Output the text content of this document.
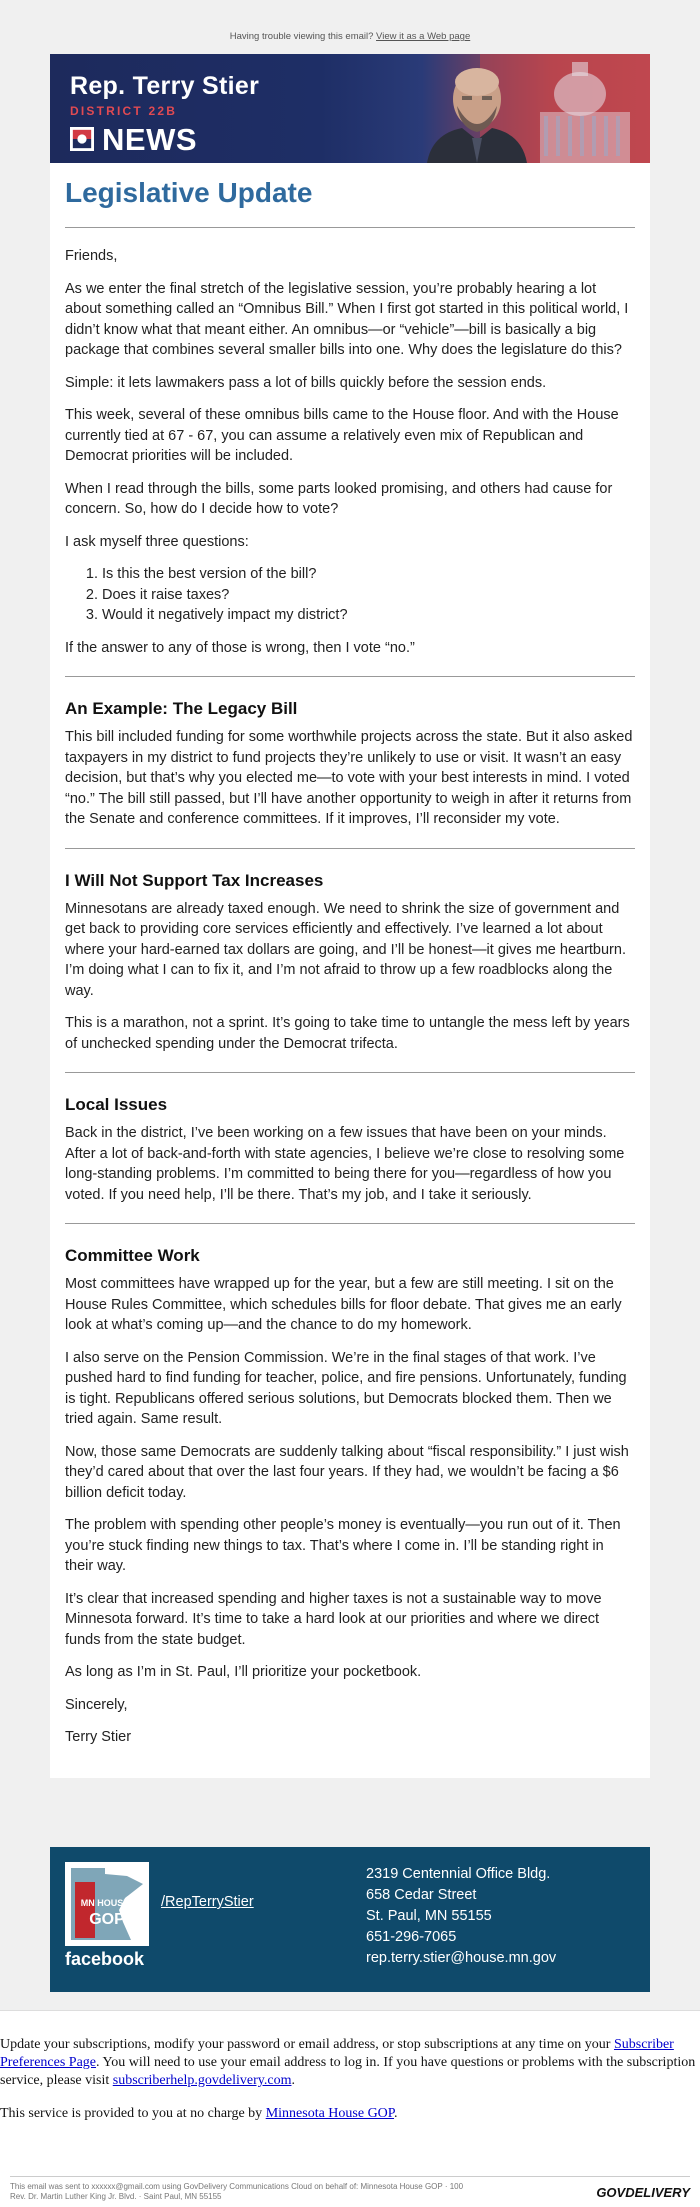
Having trouble viewing this email? View it as a Web page
Rep. Terry Stier
DISTRICT 22B
NEWS
Legislative Update

Friends,

As we enter the final stretch of the legislative session, you’re probably hearing a lot about something called an “Omnibus Bill.” When I first got started in this political world, I didn’t know what that meant either. An omnibus—or “vehicle”—bill is basically a big package that combines several smaller bills into one. Why does the legislature do this?

Simple: it lets lawmakers pass a lot of bills quickly before the session ends.

This week, several of these omnibus bills came to the House floor. And with the House currently tied at 67 - 67, you can assume a relatively even mix of Republican and Democrat priorities will be included.

When I read through the bills, some parts looked promising, and others had cause for concern. So, how do I decide how to vote?

I ask myself three questions:

1. Is this the best version of the bill?
2. Does it raise taxes?
3. Would it negatively impact my district?

If the answer to any of those is wrong, then I vote “no.”

An Example: The Legacy Bill

This bill included funding for some worthwhile projects across the state. But it also asked taxpayers in my district to fund projects they’re unlikely to use or visit. It wasn’t an easy decision, but that’s why you elected me—to vote with your best interests in mind. I voted “no.” The bill still passed, but I’ll have another opportunity to weigh in after it returns from the Senate and conference committees. If it improves, I’ll reconsider my vote.

I Will Not Support Tax Increases

Minnesotans are already taxed enough. We need to shrink the size of government and get back to providing core services efficiently and effectively. I’ve learned a lot about where your hard-earned tax dollars are going, and I’ll be honest—it gives me heartburn. I’m doing what I can to fix it, and I’m not afraid to throw up a few roadblocks along the way.

This is a marathon, not a sprint. It’s going to take time to untangle the mess left by years of unchecked spending under the Democrat trifecta.

Local Issues

Back in the district, I’ve been working on a few issues that have been on your minds. After a lot of back-and-forth with state agencies, I believe we’re close to resolving some long-standing problems. I’m committed to being there for you—regardless of how you voted. If you need help, I’ll be there. That’s my job, and I take it seriously.

Committee Work

Most committees have wrapped up for the year, but a few are still meeting. I sit on the House Rules Committee, which schedules bills for floor debate. That gives me an early look at what’s coming up—and the chance to do my homework.

I also serve on the Pension Commission. We’re in the final stages of that work. I’ve pushed hard to find funding for teacher, police, and fire pensions. Unfortunately, funding is tight. Republicans offered serious solutions, but Democrats blocked them. Then we tried again. Same result.

Now, those same Democrats are suddenly talking about “fiscal responsibility.” I just wish they’d cared about that over the last four years. If they had, we wouldn’t be facing a $6 billion deficit today.

The problem with spending other people’s money is eventually—you run out of it. Then you’re stuck finding new things to tax. That’s where I come in. I’ll be standing right in their way.

It’s clear that increased spending and higher taxes is not a sustainable way to move Minnesota forward. It’s time to take a hard look at our priorities and where we direct funds from the state budget.

As long as I’m in St. Paul, I’ll prioritize your pocketbook.

Sincerely,

Terry Stier

MN HOUSE
GOP
/RepTerryStier
facebook
2319 Centennial Office Bldg.
658 Cedar Street
St. Paul, MN 55155
651-296-7065
rep.terry.stier@house.mn.gov
Update your subscriptions, modify your password or email address, or stop subscriptions at any time on your Subscriber Preferences Page. You will need to use your email address to log in. If you have questions or problems with the subscription service, please visit subscriberhelp.govdelivery.com.
This service is provided to you at no charge by Minnesota House GOP.
This email was sent to xxxxxx@gmail.com using GovDelivery Communications Cloud on behalf of: Minnesota House GOP · 100
Rev. Dr. Martin Luther King Jr. Blvd. · Saint Paul, MN 55155	GOVDELIVERY
